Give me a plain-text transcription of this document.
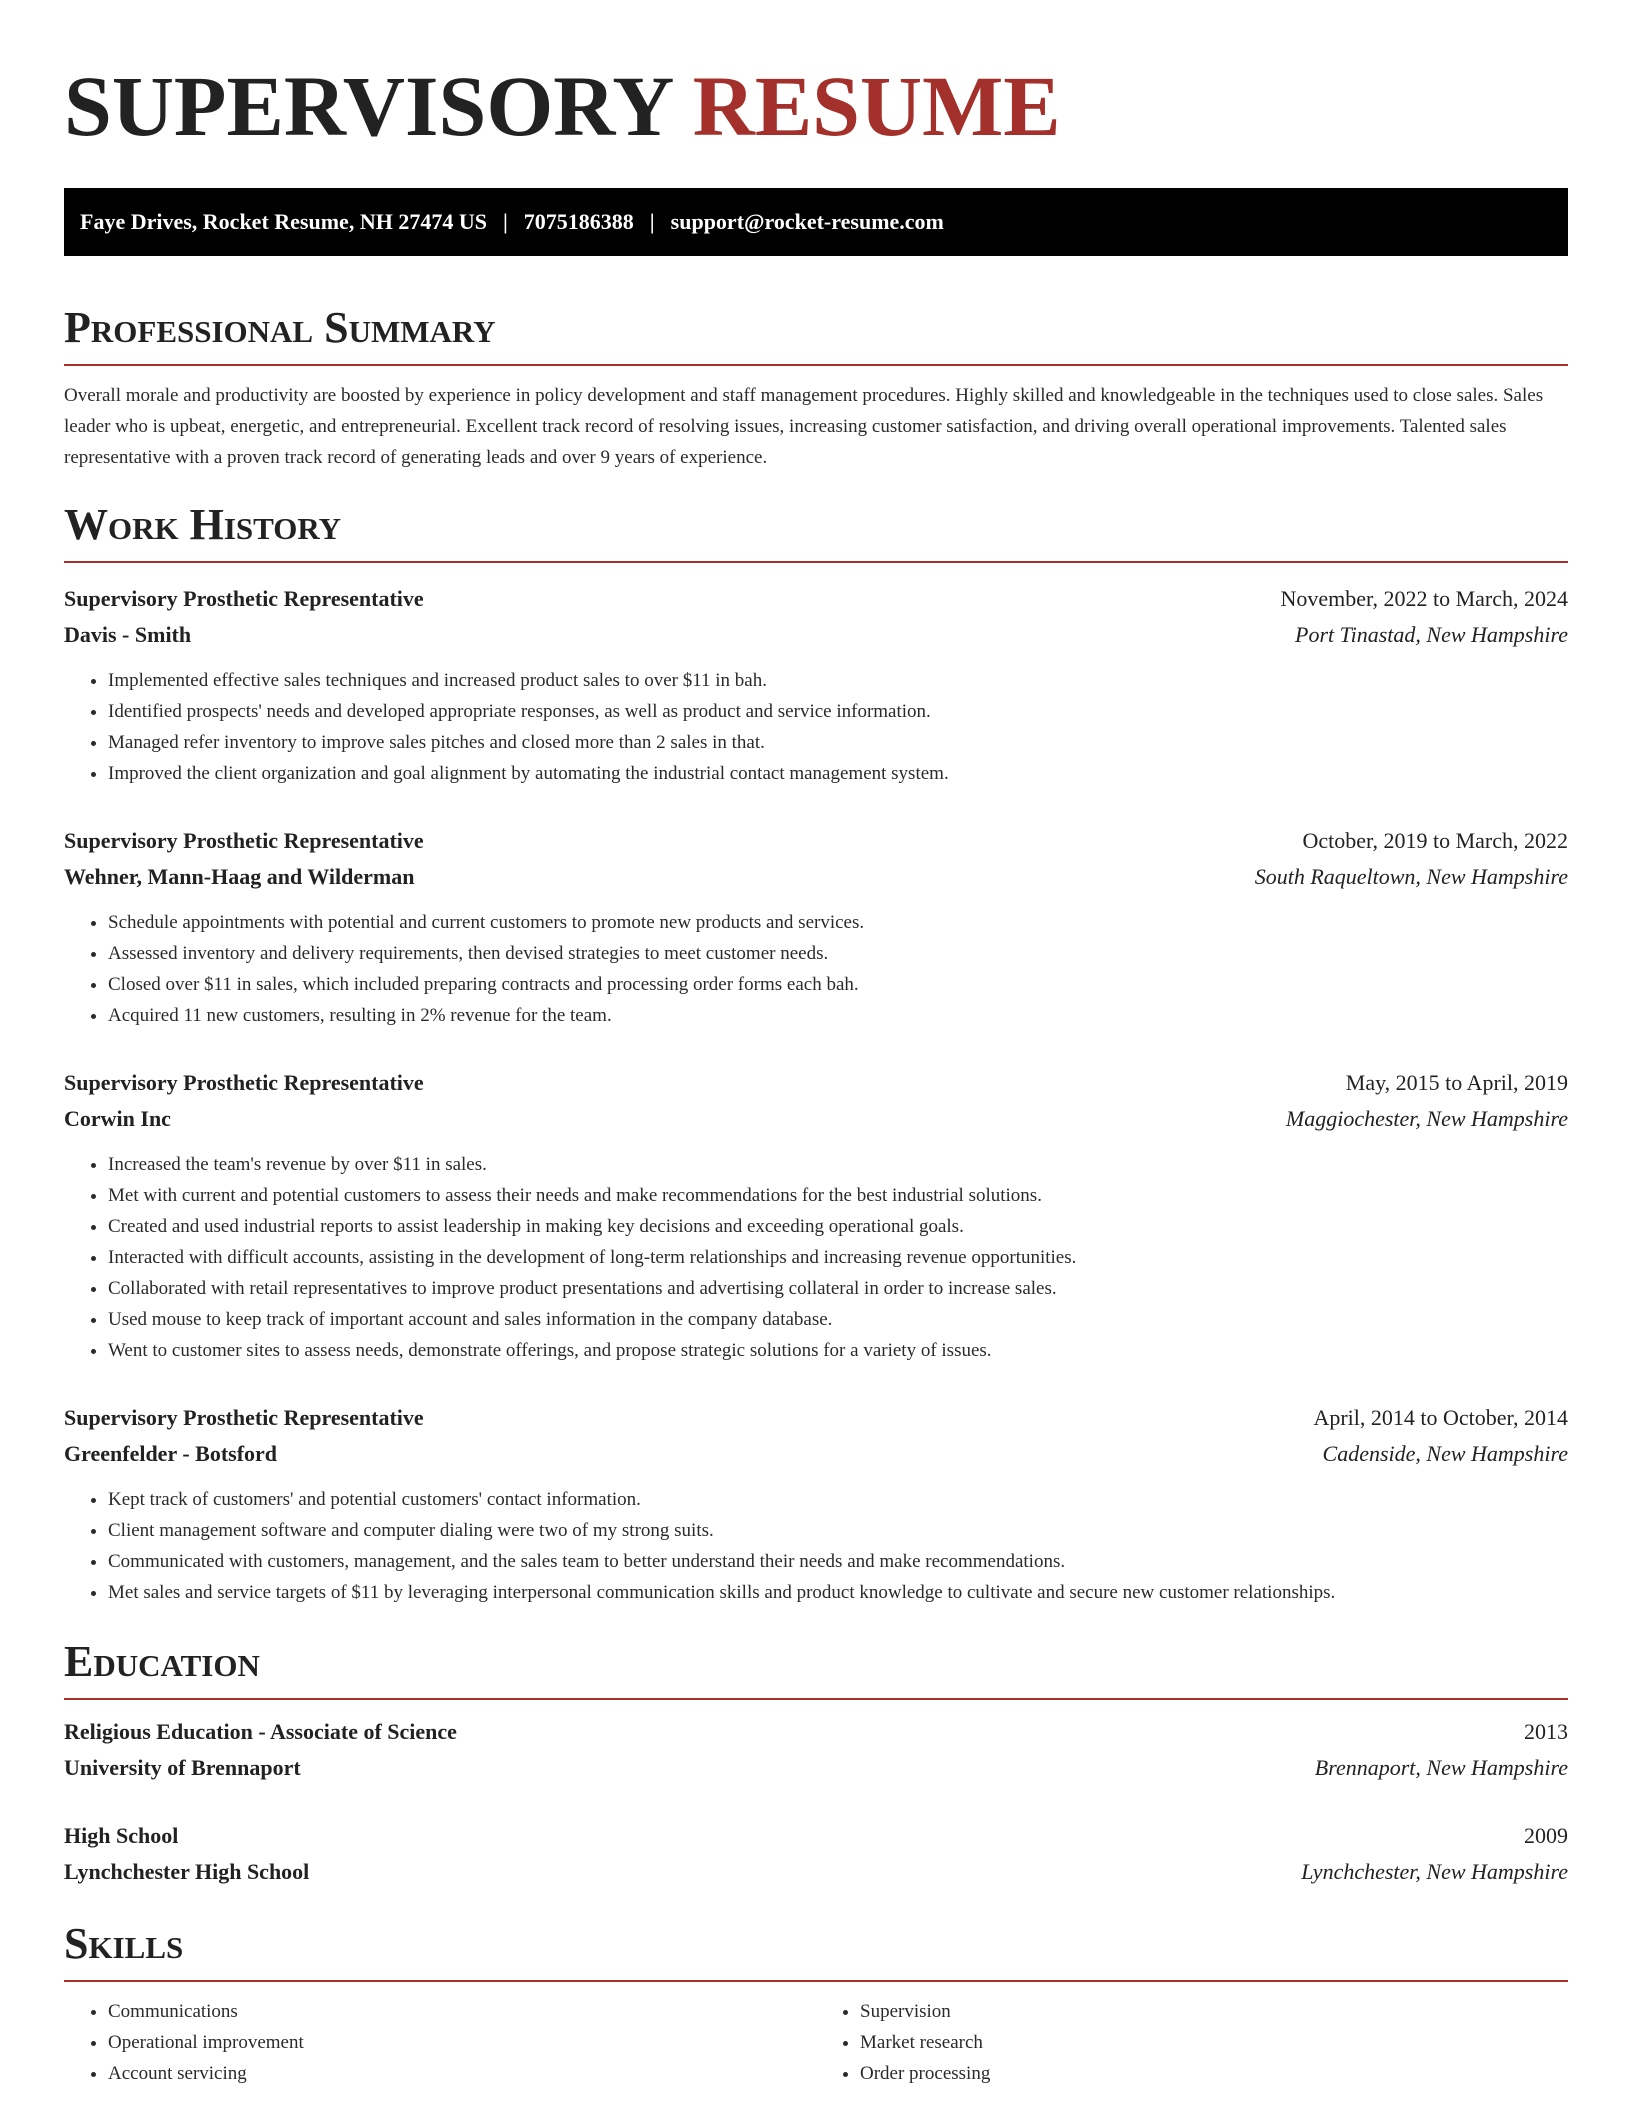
SUPERVISORY RESUME
Faye Drives, Rocket Resume, NH 27474 US | 7075186388 | support@rocket-resume.com
Professional Summary

Overall morale and productivity are boosted by experience in policy development and staff management procedures. Highly skilled and knowledgeable in the techniques used to close sales. Sales leader who is upbeat, energetic, and entrepreneurial. Excellent track record of resolving issues, increasing customer satisfaction, and driving overall operational improvements. Talented sales representative with a proven track record of generating leads and over 9 years of experience.

Work History
Supervisory Prosthetic Representative	November, 2022 to March, 2024
Davis - Smith	Port Tinastad, New Hampshire
• Implemented effective sales techniques and increased product sales to over $11 in bah.
• Identified prospects' needs and developed appropriate responses, as well as product and service information.
• Managed refer inventory to improve sales pitches and closed more than 2 sales in that.
• Improved the client organization and goal alignment by automating the industrial contact management system.
Supervisory Prosthetic Representative	October, 2019 to March, 2022
Wehner, Mann-Haag and Wilderman	South Raqueltown, New Hampshire
• Schedule appointments with potential and current customers to promote new products and services.
• Assessed inventory and delivery requirements, then devised strategies to meet customer needs.
• Closed over $11 in sales, which included preparing contracts and processing order forms each bah.
• Acquired 11 new customers, resulting in 2% revenue for the team.
Supervisory Prosthetic Representative	May, 2015 to April, 2019
Corwin Inc	Maggiochester, New Hampshire
• Increased the team's revenue by over $11 in sales.
• Met with current and potential customers to assess their needs and make recommendations for the best industrial solutions.
• Created and used industrial reports to assist leadership in making key decisions and exceeding operational goals.
• Interacted with difficult accounts, assisting in the development of long-term relationships and increasing revenue opportunities.
• Collaborated with retail representatives to improve product presentations and advertising collateral in order to increase sales.
• Used mouse to keep track of important account and sales information in the company database.
• Went to customer sites to assess needs, demonstrate offerings, and propose strategic solutions for a variety of issues.
Supervisory Prosthetic Representative	April, 2014 to October, 2014
Greenfelder - Botsford	Cadenside, New Hampshire
• Kept track of customers' and potential customers' contact information.
• Client management software and computer dialing were two of my strong suits.
• Communicated with customers, management, and the sales team to better understand their needs and make recommendations.
• Met sales and service targets of $11 by leveraging interpersonal communication skills and product knowledge to cultivate and secure new customer relationships.
Education
Religious Education - Associate of Science	2013
University of Brennaport	Brennaport, New Hampshire
High School	2009
Lynchchester High School	Lynchchester, New Hampshire
Skills
• Communications
• Operational improvement
• Account servicing
• Supervision
• Market research
• Order processing
